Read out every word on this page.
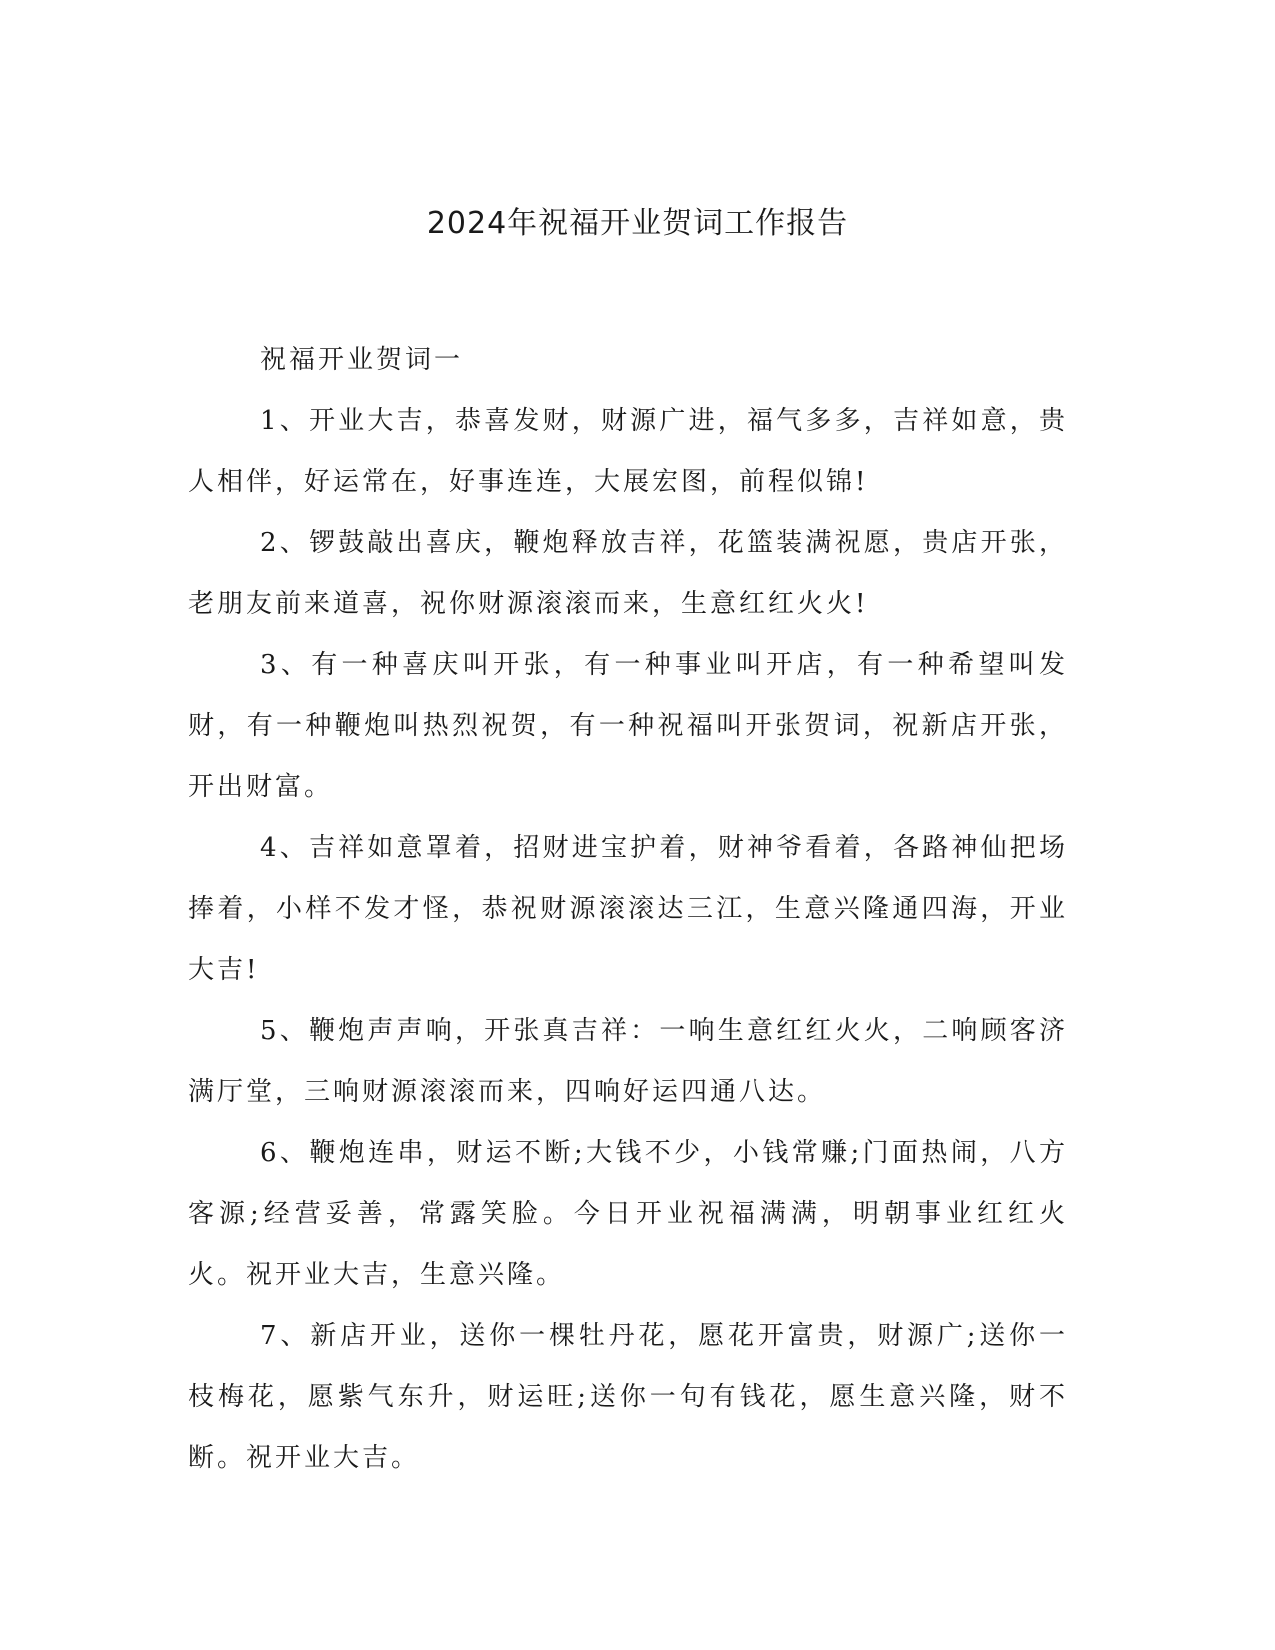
2024年祝福开业贺词工作报告
祝福开业贺词一

1、开业大吉，恭喜发财，财源广进，福气多多，吉祥如意，贵人相伴，好运常在，好事连连，大展宏图，前程似锦!

2、锣鼓敲出喜庆，鞭炮释放吉祥，花篮装满祝愿，贵店开张，老朋友前来道喜，祝你财源滚滚而来，生意红红火火!

3、有一种喜庆叫开张，有一种事业叫开店，有一种希望叫发财，有一种鞭炮叫热烈祝贺，有一种祝福叫开张贺词，祝新店开张，开出财富。

4、吉祥如意罩着，招财进宝护着，财神爷看着，各路神仙把场捧着，小样不发才怪，恭祝财源滚滚达三江，生意兴隆通四海，开业大吉!

5、鞭炮声声响，开张真吉祥：一响生意红红火火，二响顾客济满厅堂，三响财源滚滚而来，四响好运四通八达。

6、鞭炮连串，财运不断;大钱不少，小钱常赚;门面热闹，八方客源;经营妥善，常露笑脸。今日开业祝福满满，明朝事业红红火火。祝开业大吉，生意兴隆。

7、新店开业，送你一棵牡丹花，愿花开富贵，财源广;送你一枝梅花，愿紫气东升，财运旺;送你一句有钱花，愿生意兴隆，财不断。祝开业大吉。
